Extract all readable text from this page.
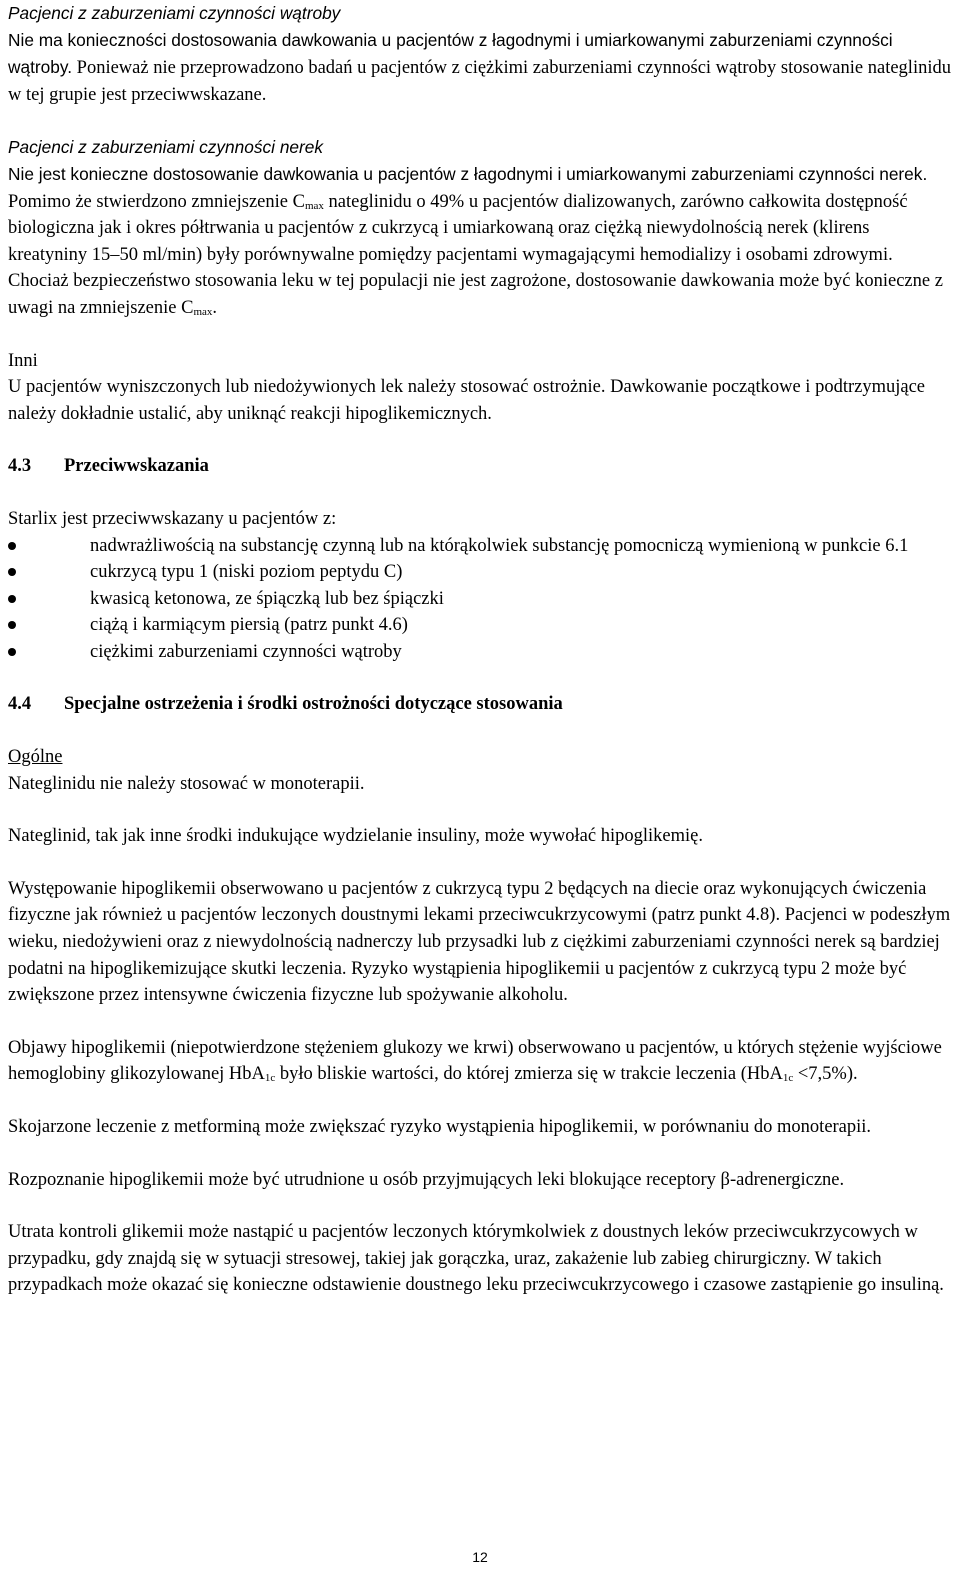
Pacjenci z zaburzeniami czynności wątroby

Nie ma konieczności dostosowania dawkowania u pacjentów z łagodnymi i umiarkowanymi zaburzeniami czynności wątroby. Ponieważ nie przeprowadzono badań u pacjentów z ciężkimi zaburzeniami czynności wątroby stosowanie nateglinidu w tej grupie jest przeciwwskazane.

Pacjenci z zaburzeniami czynności nerek

Nie jest konieczne dostosowanie dawkowania u pacjentów z łagodnymi i umiarkowanymi zaburzeniami czynności nerek. Pomimo że stwierdzono zmniejszenie $C_{max}$ nateglinidu o 49% u pacjentów dializowanych, zarówno całkowita dostępność biologiczna jak i okres półtrwania u pacjentów z cukrzycą i umiarkowaną oraz ciężką niewydolnością nerek (klirens kreatyniny 15–50 ml/min) były porównywalne pomiędzy pacjentami wymagającymi hemodializy i osobami zdrowymi. Chociaż bezpieczeństwo stosowania leku w tej populacji nie jest zagrożone, dostosowanie dawkowania może być konieczne z uwagi na zmniejszenie $C_{max}$.

Inni

U pacjentów wyniszczonych lub niedożywionych lek należy stosować ostrożnie. Dawkowanie początkowe i podtrzymujące należy dokładnie ustalić, aby uniknąć reakcji hipoglikemicznych.

4.3 Przeciwwskazania

Starlix jest przeciwwskazany u pacjentów z:

nadwrażliwością na substancję czynną lub na którąkolwiek substancję pomocniczą wymienioną w punkcie 6.1
cukrzycą typu 1 (niski poziom peptydu C)
kwasicą ketonowa, ze śpiączką lub bez śpiączki
ciążą i karmiącym piersią (patrz punkt 4.6)
ciężkimi zaburzeniami czynności wątroby
4.4 Specjalne ostrzeżenia i środki ostrożności dotyczące stosowania

Ogólne

Nateglinidu nie należy stosować w monoterapii.

Nateglinid, tak jak inne środki indukujące wydzielanie insuliny, może wywołać hipoglikemię.

Występowanie hipoglikemii obserwowano u pacjentów z cukrzycą typu 2 będących na diecie oraz wykonujących ćwiczenia fizyczne jak również u pacjentów leczonych doustnymi lekami przeciwcukrzycowymi (patrz punkt 4.8). Pacjenci w podeszłym wieku, niedożywieni oraz z niewydolnością nadnerczy lub przysadki lub z ciężkimi zaburzeniami czynności nerek są bardziej podatni na hipoglikemizujące skutki leczenia. Ryzyko wystąpienia hipoglikemii u pacjentów z cukrzycą typu 2 może być zwiększone przez intensywne ćwiczenia fizyczne lub spożywanie alkoholu.

Objawy hipoglikemii (niepotwierdzone stężeniem glukozy we krwi) obserwowano u pacjentów, u których stężenie wyjściowe hemoglobiny glikozylowanej HbA$_{1c}$ było bliskie wartości, do której zmierza się w trakcie leczenia (HbA$_{1c}$ <7,5%).

Skojarzone leczenie z metforminą może zwiększać ryzyko wystąpienia hipoglikemii, w porównaniu do monoterapii.

Rozpoznanie hipoglikemii może być utrudnione u osób przyjmujących leki blokujące receptory β-adrenergiczne.

Utrata kontroli glikemii może nastąpić u pacjentów leczonych którymkolwiek z doustnych leków przeciwcukrzycowych w przypadku, gdy znajdą się w sytuacji stresowej, takiej jak gorączka, uraz, zakażenie lub zabieg chirurgiczny. W takich przypadkach może okazać się konieczne odstawienie doustnego leku przeciwcukrzycowego i czasowe zastąpienie go insuliną.

12
